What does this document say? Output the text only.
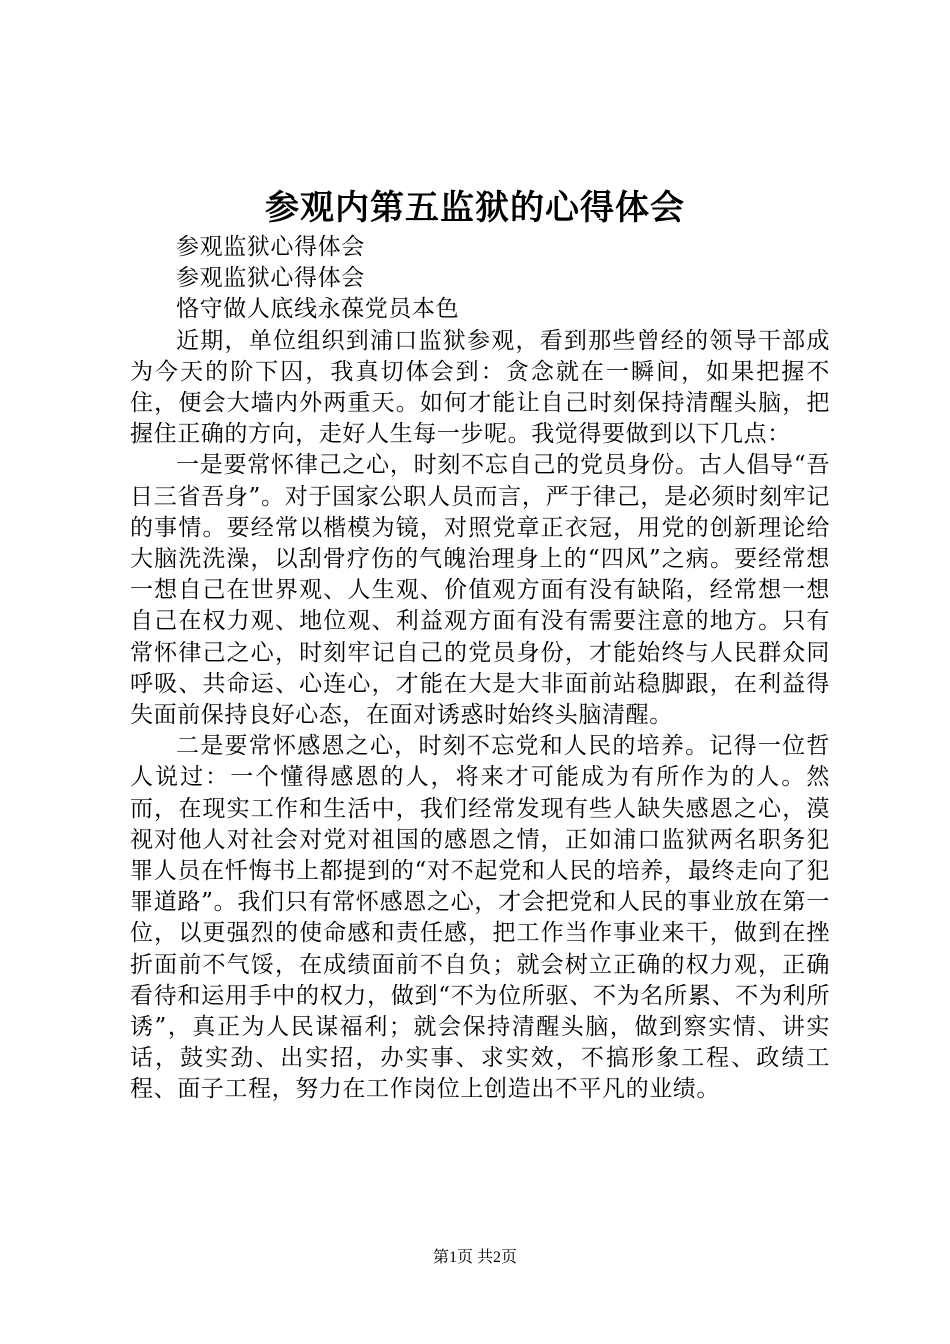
参观内第五监狱的心得体会

参观监狱心得体会

参观监狱心得体会

恪守做人底线永葆党员本色

近期，单位组织到浦口监狱参观，看到那些曾经的领导干部成为今天的阶下囚，我真切体会到：贪念就在一瞬间，如果把握不住，便会大墙内外两重天。如何才能让自己时刻保持清醒头脑，把握住正确的方向，走好人生每一步呢。我觉得要做到以下几点：

一是要常怀律己之心，时刻不忘自己的党员身份。古人倡导“吾日三省吾身”。对于国家公职人员而言，严于律己，是必须时刻牢记的事情。要经常以楷模为镜，对照党章正衣冠，用党的创新理论给大脑洗洗澡，以刮骨疗伤的气魄治理身上的“四风”之病。要经常想一想自己在世界观、人生观、价值观方面有没有缺陷，经常想一想自己在权力观、地位观、利益观方面有没有需要注意的地方。只有常怀律己之心，时刻牢记自己的党员身份，才能始终与人民群众同呼吸、共命运、心连心，才能在大是大非面前站稳脚跟，在利益得失面前保持良好心态，在面对诱惑时始终头脑清醒。

二是要常怀感恩之心，时刻不忘党和人民的培养。记得一位哲人说过：一个懂得感恩的人，将来才可能成为有所作为的人。然而，在现实工作和生活中，我们经常发现有些人缺失感恩之心，漠视对他人对社会对党对祖国的感恩之情，正如浦口监狱两名职务犯罪人员在忏悔书上都提到的“对不起党和人民的培养，最终走向了犯罪道路”。我们只有常怀感恩之心，才会把党和人民的事业放在第一位，以更强烈的使命感和责任感，把工作当作事业来干，做到在挫折面前不气馁，在成绩面前不自负；就会树立正确的权力观，正确看待和运用手中的权力，做到“不为位所驱、不为名所累、不为利所诱”，真正为人民谋福利；就会保持清醒头脑，做到察实情、讲实话，鼓实劲、出实招，办实事、求实效，不搞形象工程、政绩工程、面子工程，努力在工作岗位上创造出不平凡的业绩。

第1页 共2页
